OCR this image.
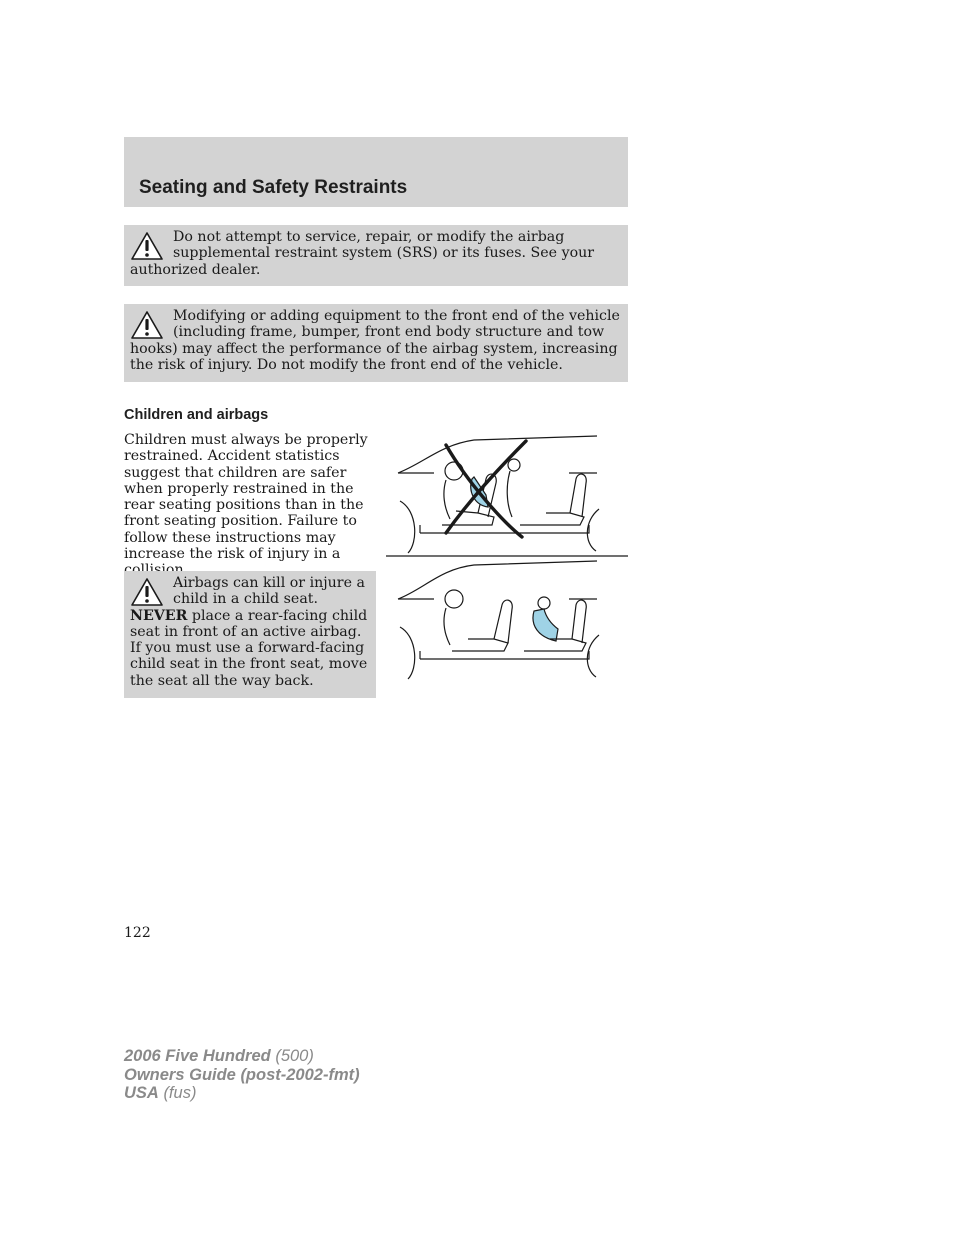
Seating and Safety Restraints

Do not attempt to service, repair, or modify the airbag supplemental restraint system (SRS) or its fuses. See your authorized dealer.

Modifying or adding equipment to the front end of the vehicle (including frame, bumper, front end body structure and tow hooks) may affect the performance of the airbag system, increasing the risk of injury. Do not modify the front end of the vehicle.

Children and airbags

Children must always be properly restrained. Accident statistics suggest that children are safer when properly restrained in the rear seating positions than in the front seating position. Failure to follow these instructions may increase the risk of injury in a

Airbags can kill or injure a child in a child seat. NEVER place a rear-facing child seat in front of an active airbag. If you must use a forward-facing child seat in the front seat, move the seat all the way back.

122

2006 Five Hundred (500)
Owners Guide (post-2002-fmt)
USA (fus)
